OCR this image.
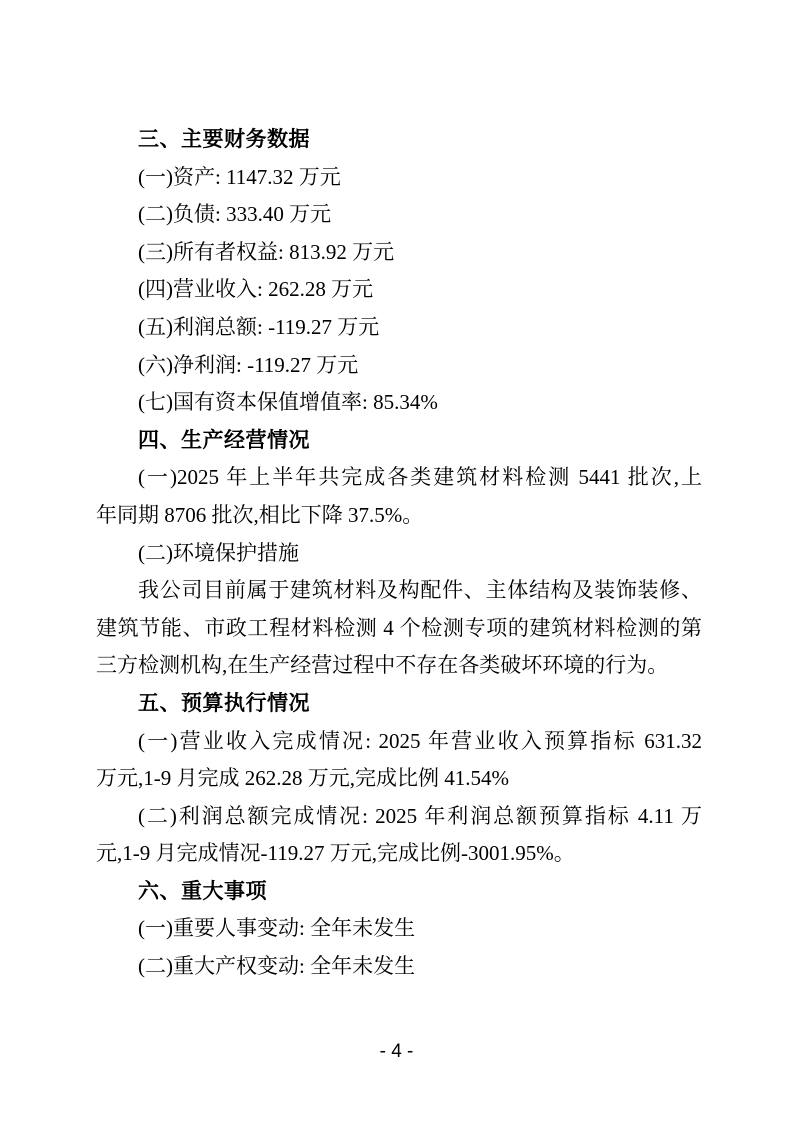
三、主要财务数据
(一)资产: 1147.32 万元
(二)负债: 333.40 万元
(三)所有者权益: 813.92 万元
(四)营业收入: 262.28 万元
(五)利润总额: -119.27 万元
(六)净利润: -119.27 万元
(七)国有资本保值增值率: 85.34%
四、生产经营情况
(一)2025 年上半年共完成各类建筑材料检测 5441 批次,上
年同期 8706 批次,相比下降 37.5%。
(二)环境保护措施
我公司目前属于建筑材料及构配件、主体结构及装饰装修、
建筑节能、市政工程材料检测 4 个检测专项的建筑材料检测的第
三方检测机构,在生产经营过程中不存在各类破坏环境的行为。
五、预算执行情况
(一)营业收入完成情况: 2025 年营业收入预算指标 631.32
万元,1-9 月完成 262.28 万元,完成比例 41.54%
(二)利润总额完成情况: 2025 年利润总额预算指标 4.11 万
元,1-9 月完成情况-119.27 万元,完成比例-3001.95%。
六、重大事项
(一)重要人事变动: 全年未发生
(二)重大产权变动: 全年未发生
- 4 -
